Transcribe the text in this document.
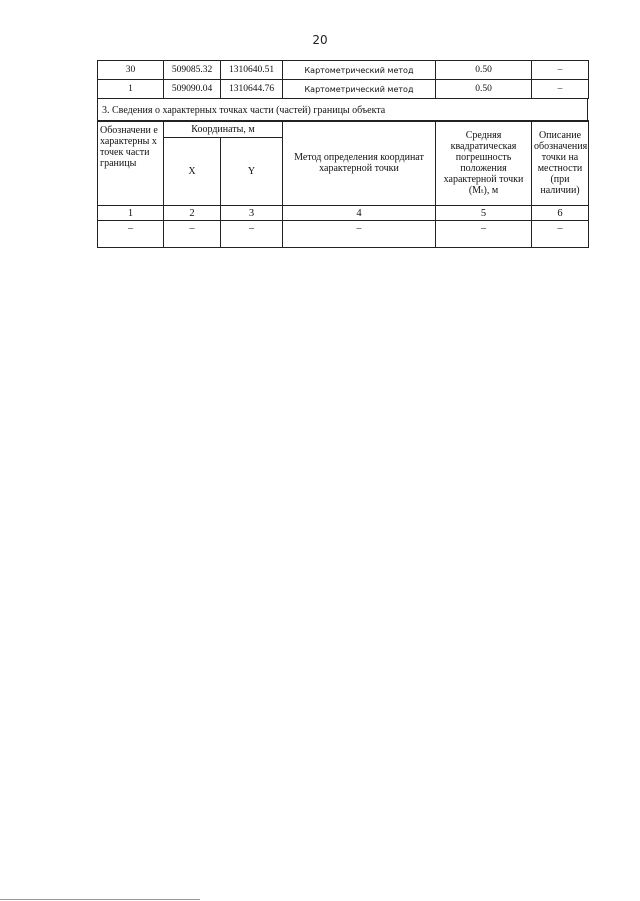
20
30	509085.32	1310640.51	Картометрический метод	0.50	–
1	509090.04	1310644.76	Картометрический метод	0.50	–
3. Сведения о характерных точках части (частей) границы объекта
Обозначени е характерны х точек части границы	Координаты, м		Метод определения координат характерной точки	Средняя квадратическая погрешность положения характерной точки (Mₜ), м	Описание обозначения точки на местности (при наличии)
	X	Y			
1	2	3	4	5	6
–	–	–	–	–	–
